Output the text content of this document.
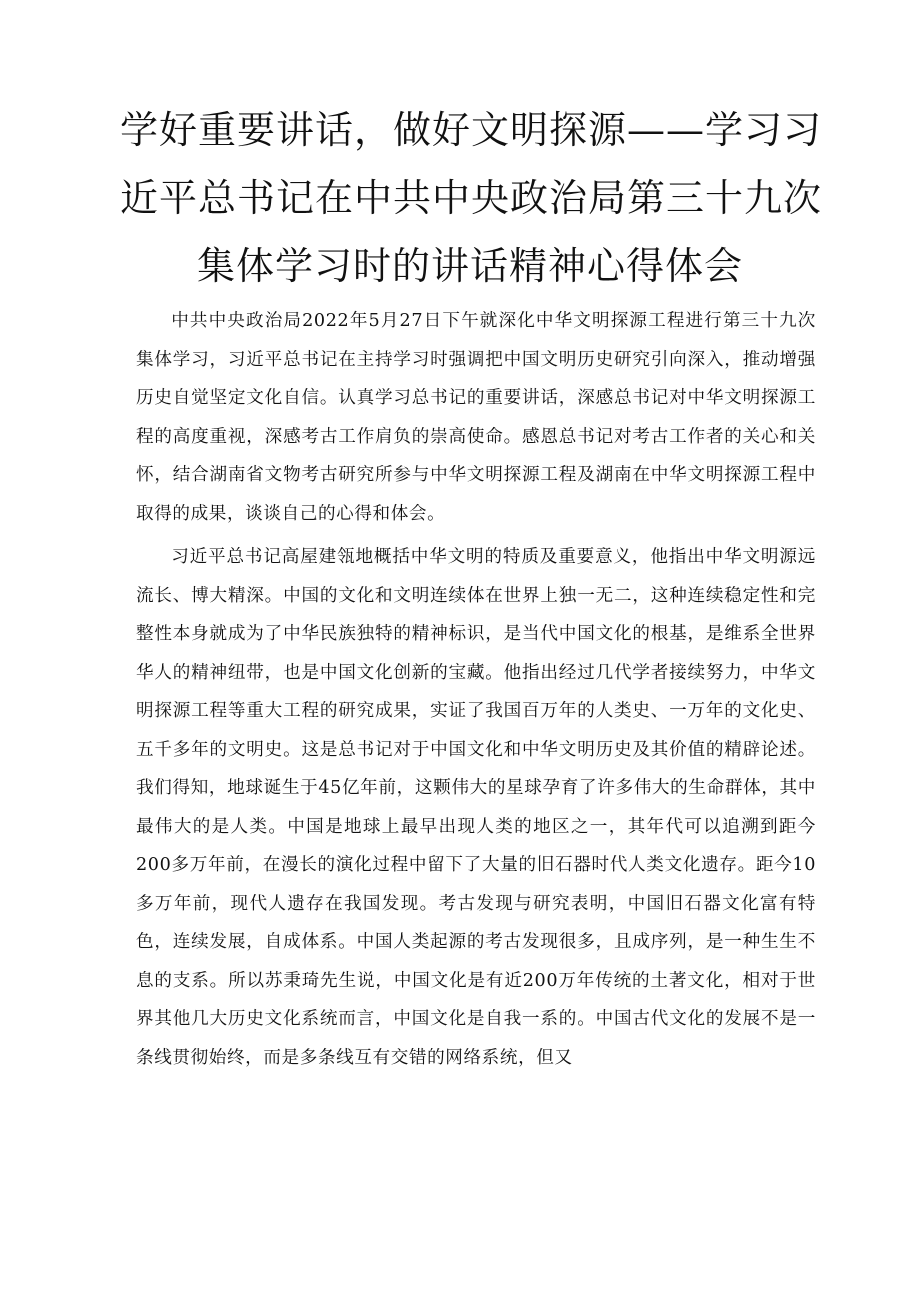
学好重要讲话，做好文明探源——学习习
近平总书记在中共中央政治局第三十九次
集体学习时的讲话精神心得体会

中共中央政治局2022年5月27日下午就深化中华文明探源工程进行第三十九次集体学习，习近平总书记在主持学习时强调把中国文明历史研究引向深入，推动增强历史自觉坚定文化自信。认真学习总书记的重要讲话，深感总书记对中华文明探源工程的高度重视，深感考古工作肩负的崇高使命。感恩总书记对考古工作者的关心和关怀，结合湖南省文物考古研究所参与中华文明探源工程及湖南在中华文明探源工程中取得的成果，谈谈自己的心得和体会。

习近平总书记高屋建瓴地概括中华文明的特质及重要意义，他指出中华文明源远流长、博大精深。中国的文化和文明连续体在世界上独一无二，这种连续稳定性和完整性本身就成为了中华民族独特的精神标识，是当代中国文化的根基，是维系全世界华人的精神纽带，也是中国文化创新的宝藏。他指出经过几代学者接续努力，中华文明探源工程等重大工程的研究成果，实证了我国百万年的人类史、一万年的文化史、五千多年的文明史。这是总书记对于中国文化和中华文明历史及其价值的精辟论述。我们得知，地球诞生于45亿年前，这颗伟大的星球孕育了许多伟大的生命群体，其中最伟大的是人类。中国是地球上最早出现人类的地区之一，其年代可以追溯到距今200多万年前，在漫长的演化过程中留下了大量的旧石器时代人类文化遗存。距今10多万年前，现代人遗存在我国发现。考古发现与研究表明，中国旧石器文化富有特色，连续发展，自成体系。中国人类起源的考古发现很多，且成序列，是一种生生不息的支系。所以苏秉琦先生说，中国文化是有近200万年传统的土著文化，相对于世界其他几大历史文化系统而言，中国文化是自我一系的。中国古代文化的发展不是一条线贯彻始终，而是多条线互有交错的网络系统，但又
